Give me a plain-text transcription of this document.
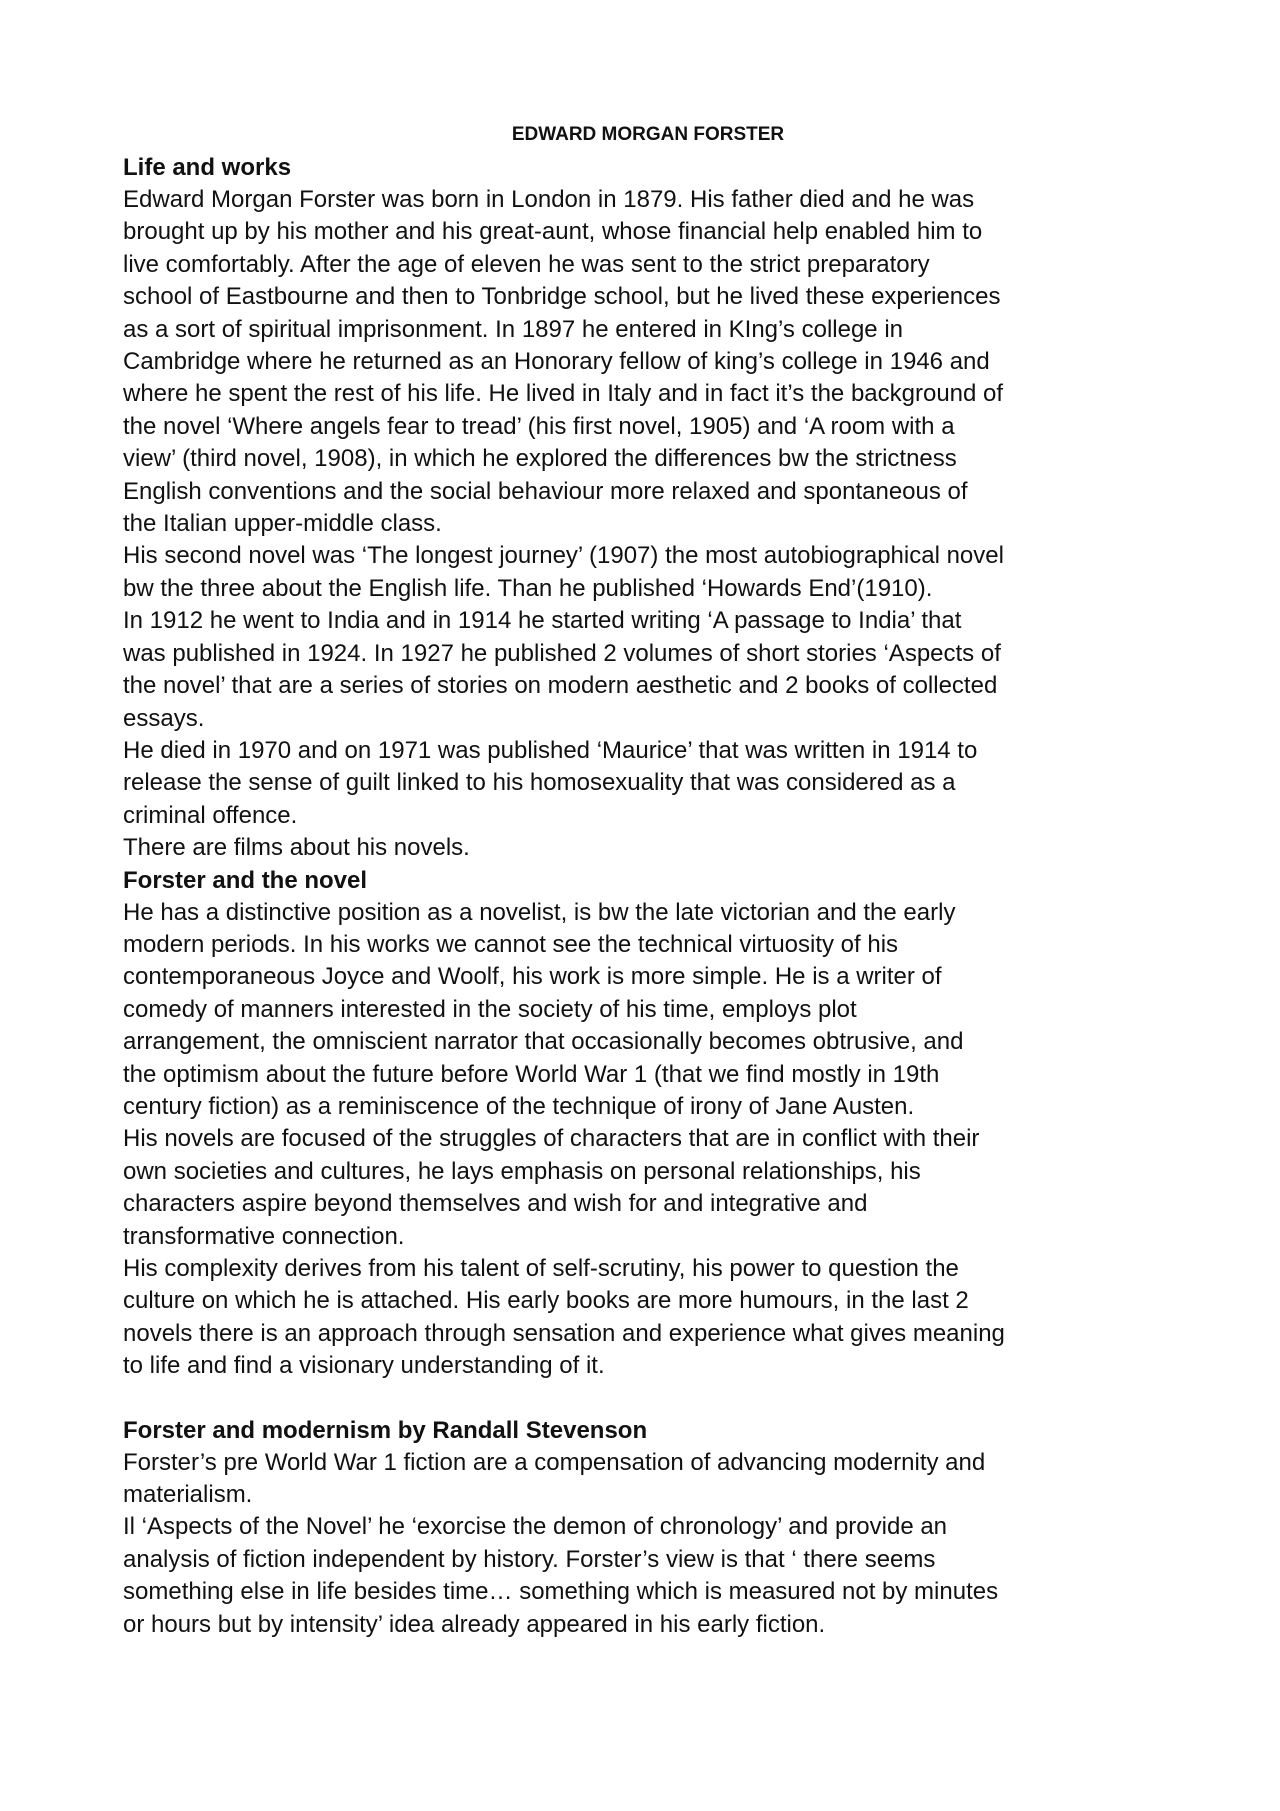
EDWARD MORGAN FORSTER
Life and works

Edward Morgan Forster was born in London in 1879. His father died and he was
brought up by his mother and his great-aunt, whose financial help enabled him to
live comfortably. After the age of eleven he was sent to the strict preparatory
school of Eastbourne and then to Tonbridge school, but he lived these experiences
as a sort of spiritual imprisonment. In 1897 he entered in KIng’s college in
Cambridge where he returned as an Honorary fellow of king’s college in 1946 and
where he spent the rest of his life. He lived in Italy and in fact it’s the background of
the novel ‘Where angels fear to tread’ (his first novel, 1905) and ‘A room with a
view’ (third novel, 1908), in which he explored the differences bw the strictness
English conventions and the social behaviour more relaxed and spontaneous of
the Italian upper-middle class.

His second novel was ‘The longest journey’ (1907) the most autobiographical novel
bw the three about the English life. Than he published ‘Howards End’(1910).

In 1912 he went to India and in 1914 he started writing ‘A passage to India’ that
was published in 1924. In 1927 he published 2 volumes of short stories ‘Aspects of
the novel’ that are a series of stories on modern aesthetic and 2 books of collected
essays.

He died in 1970 and on 1971 was published ‘Maurice’ that was written in 1914 to
release the sense of guilt linked to his homosexuality that was considered as a
criminal offence.

There are films about his novels.

Forster and the novel

He has a distinctive position as a novelist, is bw the late victorian and the early
modern periods. In his works we cannot see the technical virtuosity of his
contemporaneous Joyce and Woolf, his work is more simple. He is a writer of
comedy of manners interested in the society of his time, employs plot
arrangement, the omniscient narrator that occasionally becomes obtrusive, and
the optimism about the future before World War 1 (that we find mostly in 19th
century fiction) as a reminiscence of the technique of irony of Jane Austen.

His novels are focused of the struggles of characters that are in conflict with their
own societies and cultures, he lays emphasis on personal relationships, his
characters aspire beyond themselves and wish for and integrative and
transformative connection.

His complexity derives from his talent of self-scrutiny, his power to question the
culture on which he is attached. His early books are more humours, in the last 2
novels there is an approach through sensation and experience what gives meaning
to life and find a visionary understanding of it.

Forster and modernism by Randall Stevenson

Forster’s pre World War 1 fiction are a compensation of advancing modernity and
materialism.

Il ‘Aspects of the Novel’ he ‘exorcise the demon of chronology’ and provide an
analysis of fiction independent by history. Forster’s view is that ‘ there seems
something else in life besides time… something which is measured not by minutes
or hours but by intensity’ idea already appeared in his early fiction.
